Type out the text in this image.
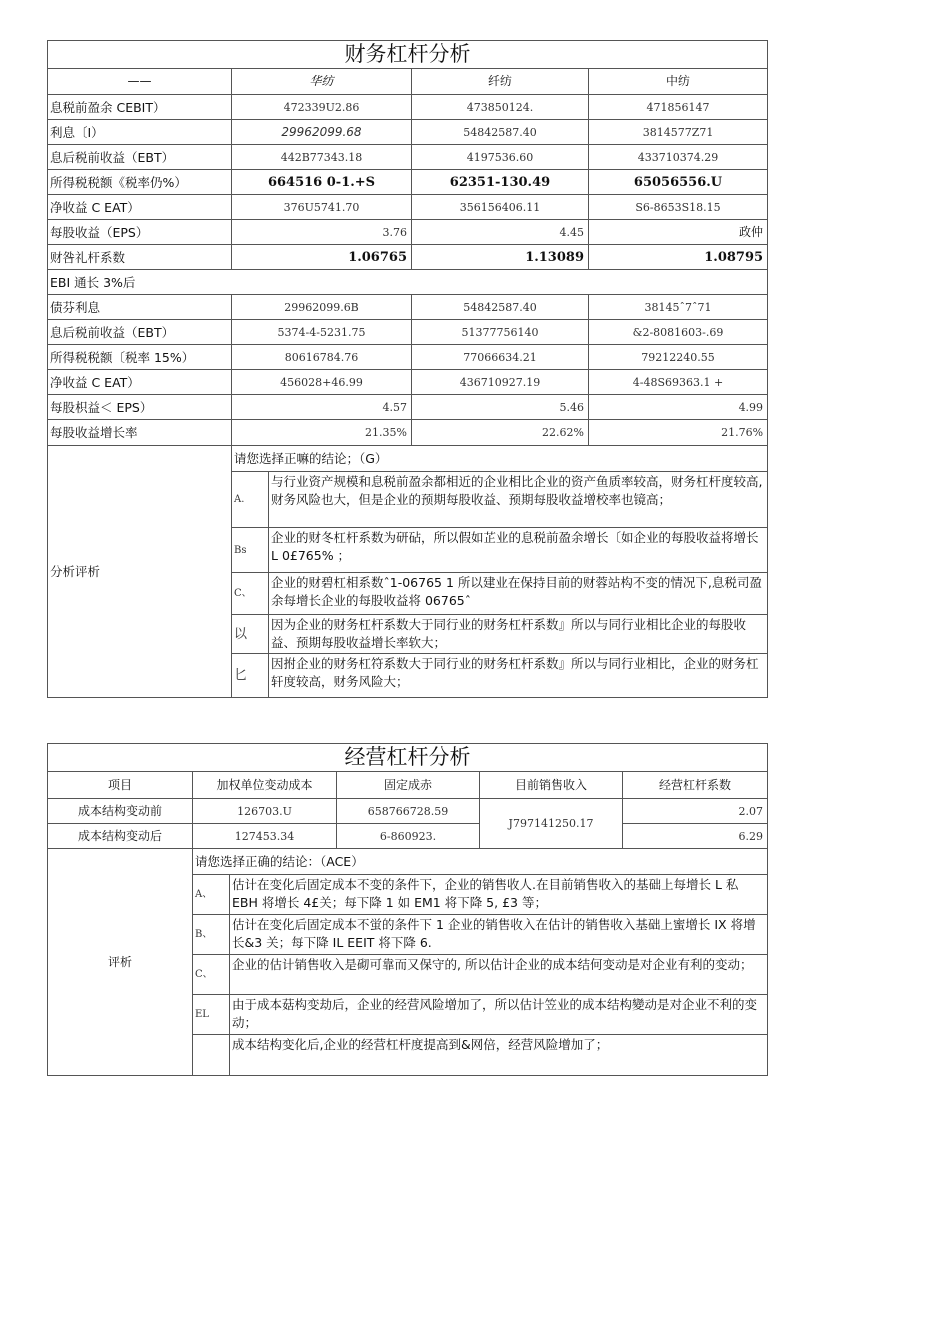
财务杠杆分析				
——	华纺		纤纺	中纺
息税前盈余 CEBIT）	472339U2.86		473850124.	471856147
利息〔I）	29962099.68		54842587.40	3814577Z71
息后税前收益（EBT）	442B77343.18		4197536.60	433710374.29
所得税税额《税率仍%）	664516 0-1.+S		62351-130.49	65056556.U
净收益 C EAT）	376U5741.70		356156406.11	S6-8653S18.15
每股收益（EPS）	3.76		4.45	政仲
财咎礼杆系数	1.06765		1.13089	1.08795
EBI 通长 3%后				
债芬利息	29962099.6B		54842587.40	38145ˆ7ˆ71
息后税前收益（EBT）	5374-4-5231.75		51377756140	&2-8081603-.69
所得税税额〔税率 15%）	80616784.76		77066634.21	79212240.55
净收益 C EAT）	456028+46.99		436710927.19	4-48S69363.1 +
每股枳益＜ EPS）	4.57		5.46	4.99
每股收益增长率	21.35%		22.62%	21.76%
分析评析	请您选择正嘛的结论；（G）			
	A.	与行业资产规模和息税前盈余都相近的企业相比企业的资产鱼质率较高，财务杠杆度较高,财务风险也大，但是企业的预期每股收益、预期每股收益增校率也镜高；		
	Bs	企业的财冬杠杆系数为研砧，所以假如芷业的息税前盈余增长〔如企业的每股收益将增长 L 0£765% ；		
	C、	企业的财碧杠相系数ˆ1-06765 1 所以建业在保持目前的财蓉站构不变的情况下,息税司盈余每增长企业的每股收益将 06765ˆ		
	以	因为企业的财务杠杆系数大于同行业的财务杠杆系数』所以与同行业相比企业的每股收益、预期每股收益增长率软大；		
	匕	因拊企业的财务杠符系数大于同行业的财务杠杆系数』所以与同行业相比，企业的财务杠轩度较高，财务风险大；		
经营杠杆分析					
项目	加权单位变动成本		固定成赤	目前销售收入	经营杠杆系数
成本结构变动前	126703.U		658766728.59	J797141250.17	2.07
成本结构变动后	127453.34		6-860923.		6.29
评析	请您选择正确的结论：（ACE）				
	A、	估计在变化后固定成本不变的条件下，企业的销售收人.在目前销售收入的基础上每增长 L 私 EBH 将增长 4£关；每下降 1 如 EM1 将下降 5, £3 等；			
	B、	估计在变化后固定成本不蛍的条件下 1 企业的销售收入在估计的销售收入基础上蜜增长 IX 将增长&3 关；每下降 IL EEIT 将下降 6.			
	C、	企业的估计销售收入是砌可靠而又保守的, 所以估计企业的成本结何变动是对企业有利的变动；			
	EL	由于成本菇构变劫后，企业的经营风险增加了，所以估计笠业的成本结构變动是对企业不利的变动；			
		成本结构变化后,企业的经营杠杆度提高到&网倍，经营风险增加了；			
